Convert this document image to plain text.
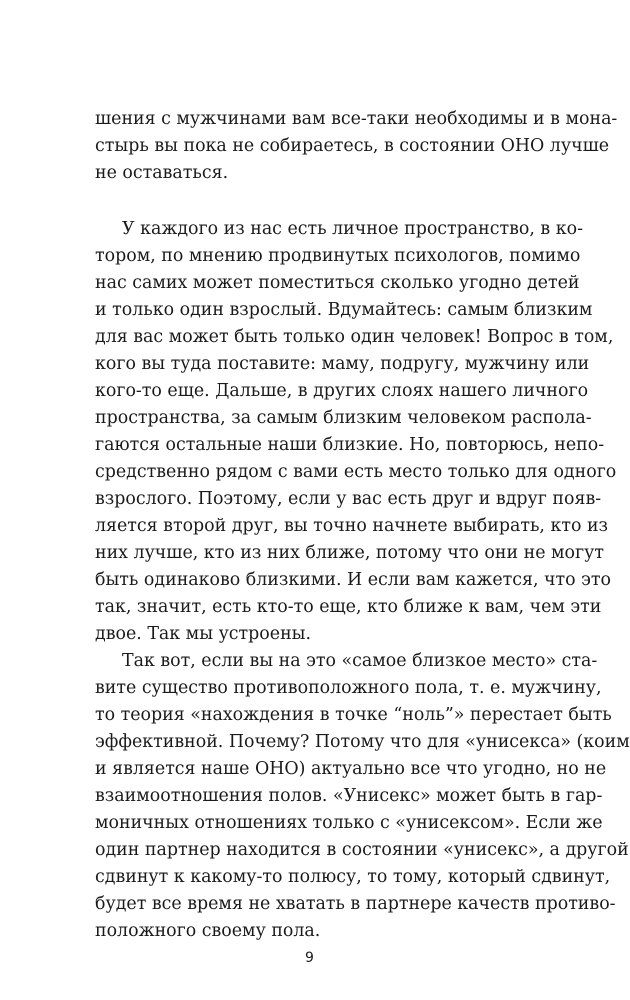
шения с мужчинами вам все-таки необходимы и в мона-
стырь вы пока не собираетесь, в состоянии ОНО лучше
не оставаться.
У каждого из нас есть личное пространство, в ко-
тором, по мнению продвинутых психологов, помимо
нас самих может поместиться сколько угодно детей
и только один взрослый. Вдумайтесь: самым близким
для вас может быть только один человек! Вопрос в том,
кого вы туда поставите: маму, подругу, мужчину или
кого-то еще. Дальше, в других слоях нашего личного
пространства, за самым близким человеком распола-
гаются остальные наши близкие. Но, повторюсь, непо-
средственно рядом с вами есть место только для одного
взрослого. Поэтому, если у вас есть друг и вдруг появ-
ляется второй друг, вы точно начнете выбирать, кто из
них лучше, кто из них ближе, потому что они не могут
быть одинаково близкими. И если вам кажется, что это
так, значит, есть кто-то еще, кто ближе к вам, чем эти
двое. Так мы устроены.
Так вот, если вы на это «самое близкое место» ста-
вите существо противоположного пола, т. е. мужчину,
то теория «нахождения в точке “ноль”» перестает быть
эффективной. Почему? Потому что для «унисекса» (коим
и является наше ОНО) актуально все что угодно, но не
взаимоотношения полов. «Унисекс» может быть в гар-
моничных отношениях только с «унисексом». Если же
один партнер находится в состоянии «унисекс», а другой
сдвинут к какому-то полюсу, то тому, который сдвинут,
будет все время не хватать в партнере качеств противо-
положного своему пола.
9
